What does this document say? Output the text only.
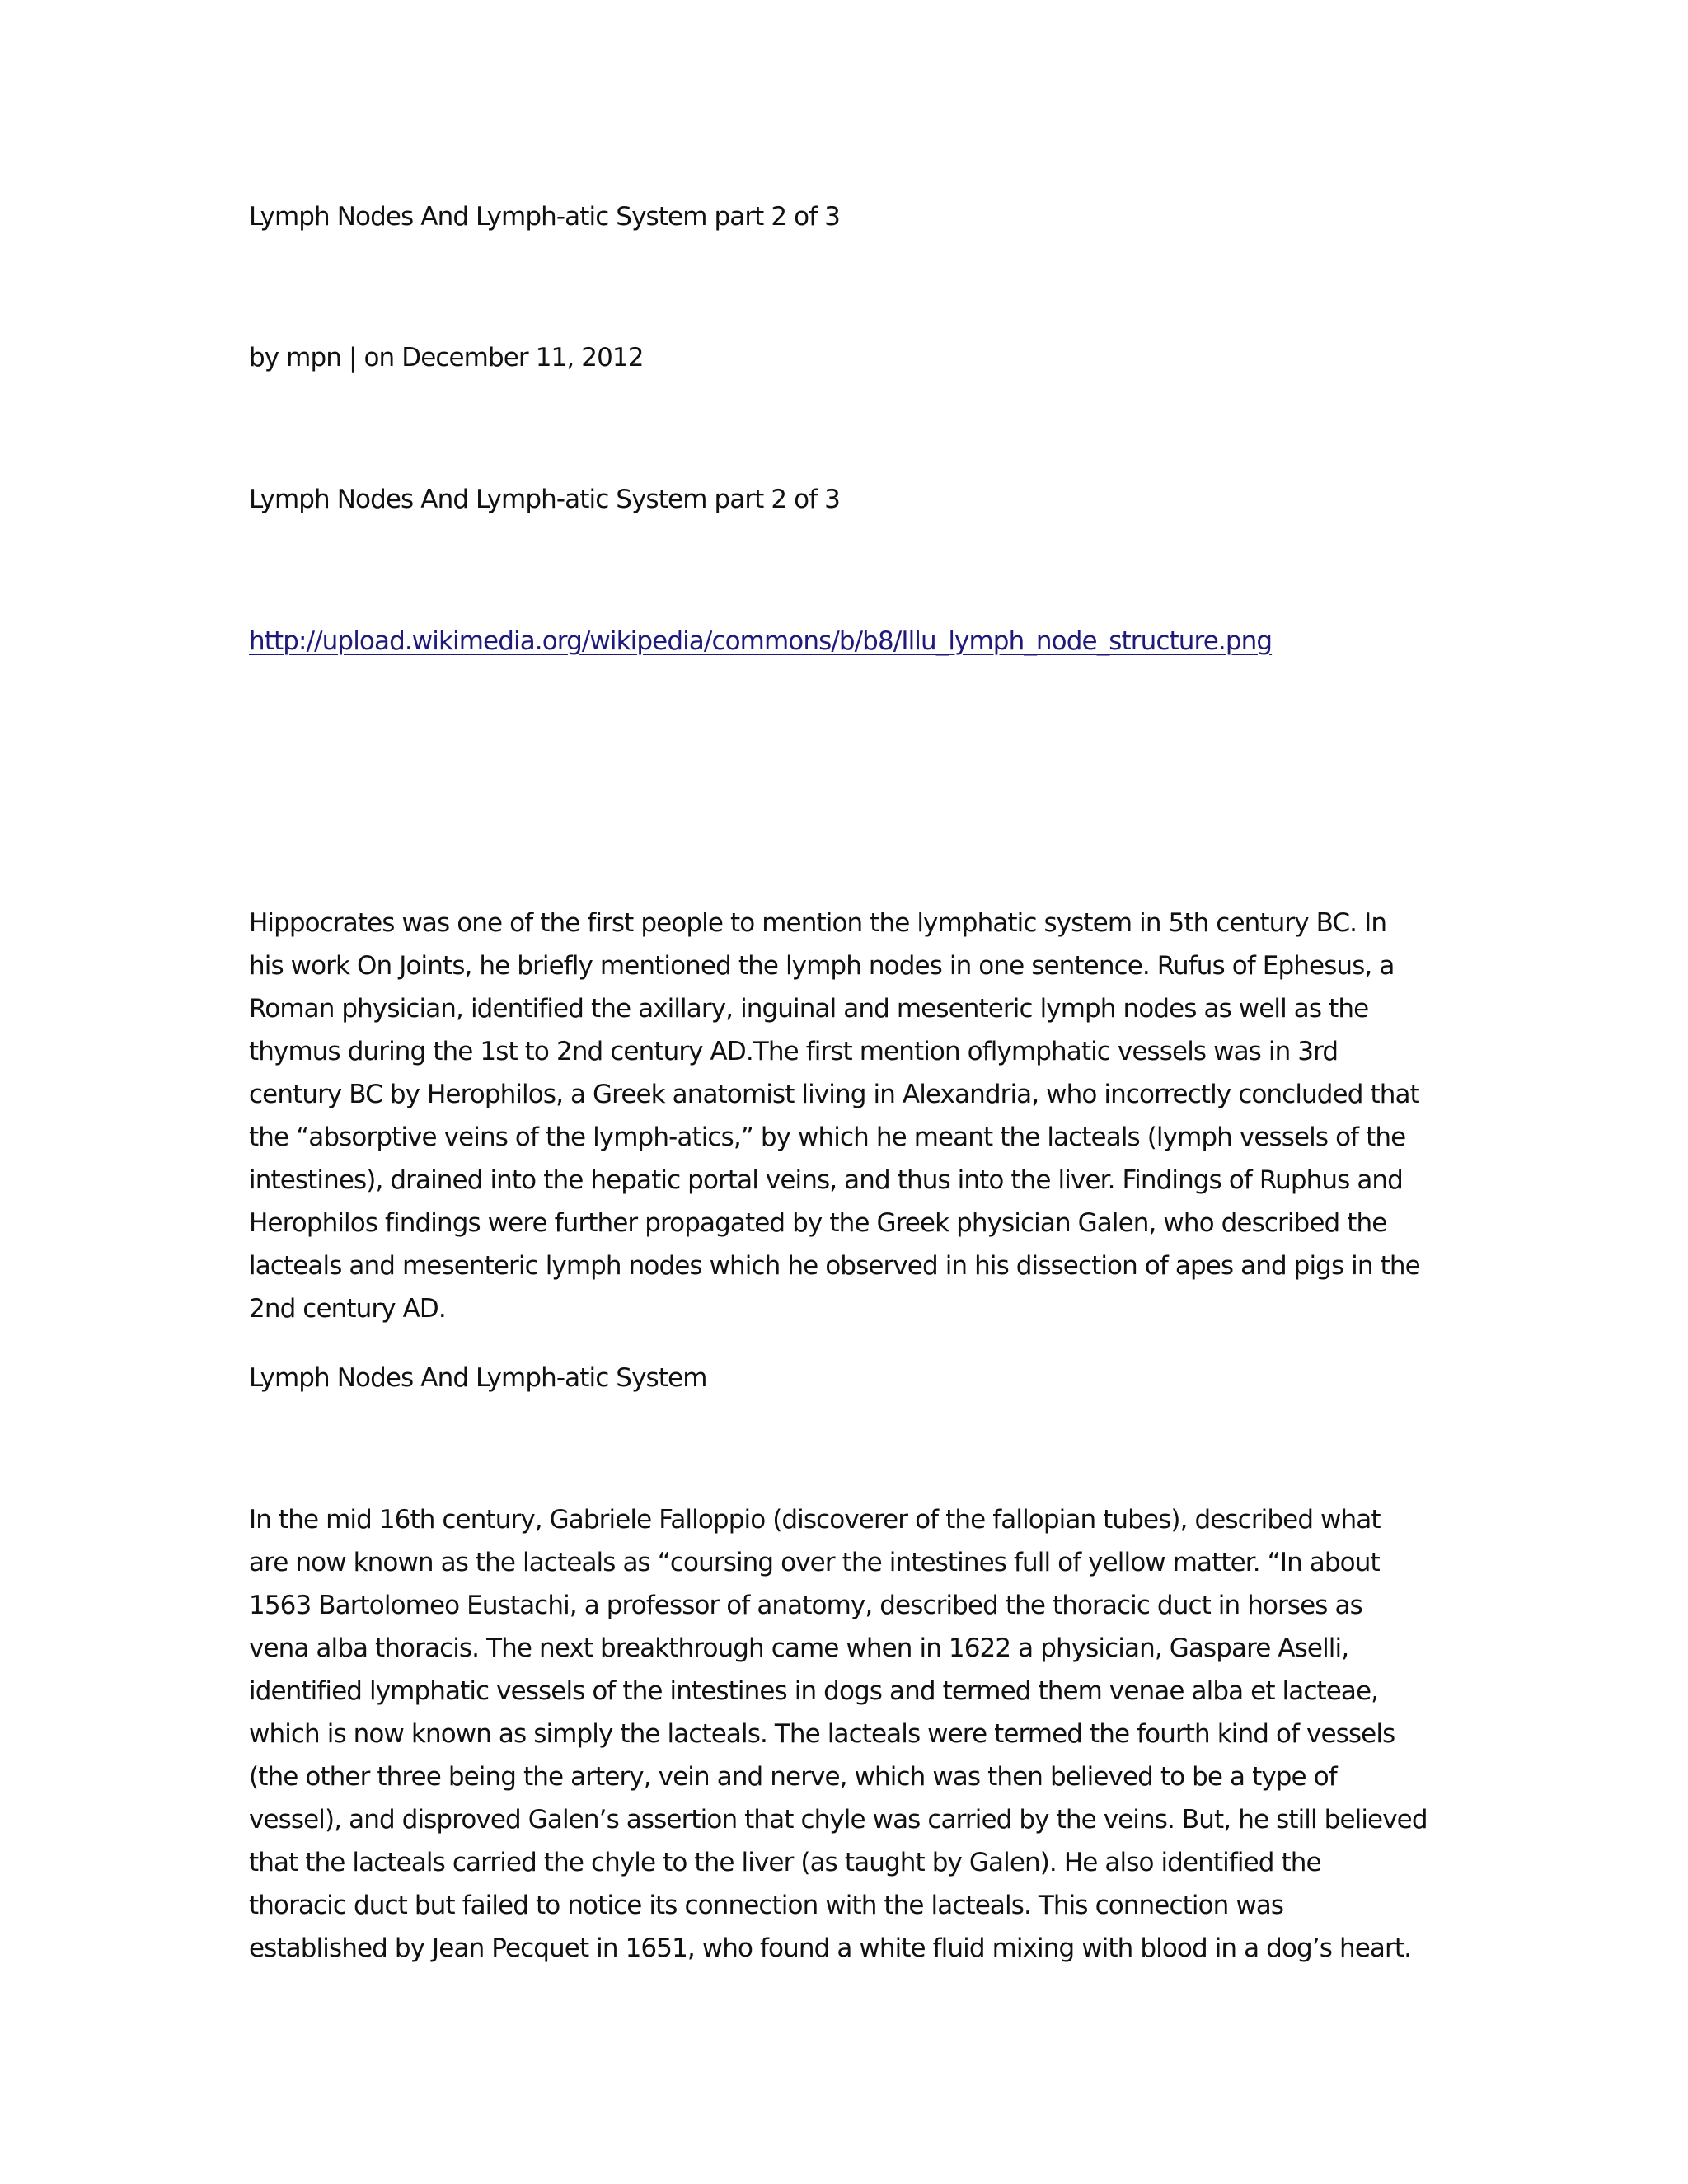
Lymph Nodes And Lymph-atic System part 2 of 3
by mpn | on December 11, 2012
Lymph Nodes And Lymph-atic System part 2 of 3
http://upload.wikimedia.org/wikipedia/commons/b/b8/Illu_lymph_node_structure.png

Hippocrates was one of the first people to mention the lymphatic system in 5th century BC. In

his work On Joints, he briefly mentioned the lymph nodes in one sentence. Rufus of Ephesus, a

Roman physician, identified the axillary, inguinal and mesenteric lymph nodes as well as the

thymus during the 1st to 2nd century AD.The first mention oflymphatic vessels was in 3rd

century BC by Herophilos, a Greek anatomist living in Alexandria, who incorrectly concluded that

the “absorptive veins of the lymph-atics,” by which he meant the lacteals (lymph vessels of the

intestines), drained into the hepatic portal veins, and thus into the liver. Findings of Ruphus and

Herophilos findings were further propagated by the Greek physician Galen, who described the

lacteals and mesenteric lymph nodes which he observed in his dissection of apes and pigs in the

2nd century AD.

Lymph Nodes And Lymph-atic System

In the mid 16th century, Gabriele Falloppio (discoverer of the fallopian tubes), described what

are now known as the lacteals as “coursing over the intestines full of yellow matter. “In about

1563 Bartolomeo Eustachi, a professor of anatomy, described the thoracic duct in horses as

vena alba thoracis. The next breakthrough came when in 1622 a physician, Gaspare Aselli,

identified lymphatic vessels of the intestines in dogs and termed them venae alba et lacteae,

which is now known as simply the lacteals. The lacteals were termed the fourth kind of vessels

(the other three being the artery, vein and nerve, which was then believed to be a type of

vessel), and disproved Galen’s assertion that chyle was carried by the veins. But, he still believed

that the lacteals carried the chyle to the liver (as taught by Galen). He also identified the

thoracic duct but failed to notice its connection with the lacteals. This connection was

established by Jean Pecquet in 1651, who found a white fluid mixing with blood in a dog’s heart.
